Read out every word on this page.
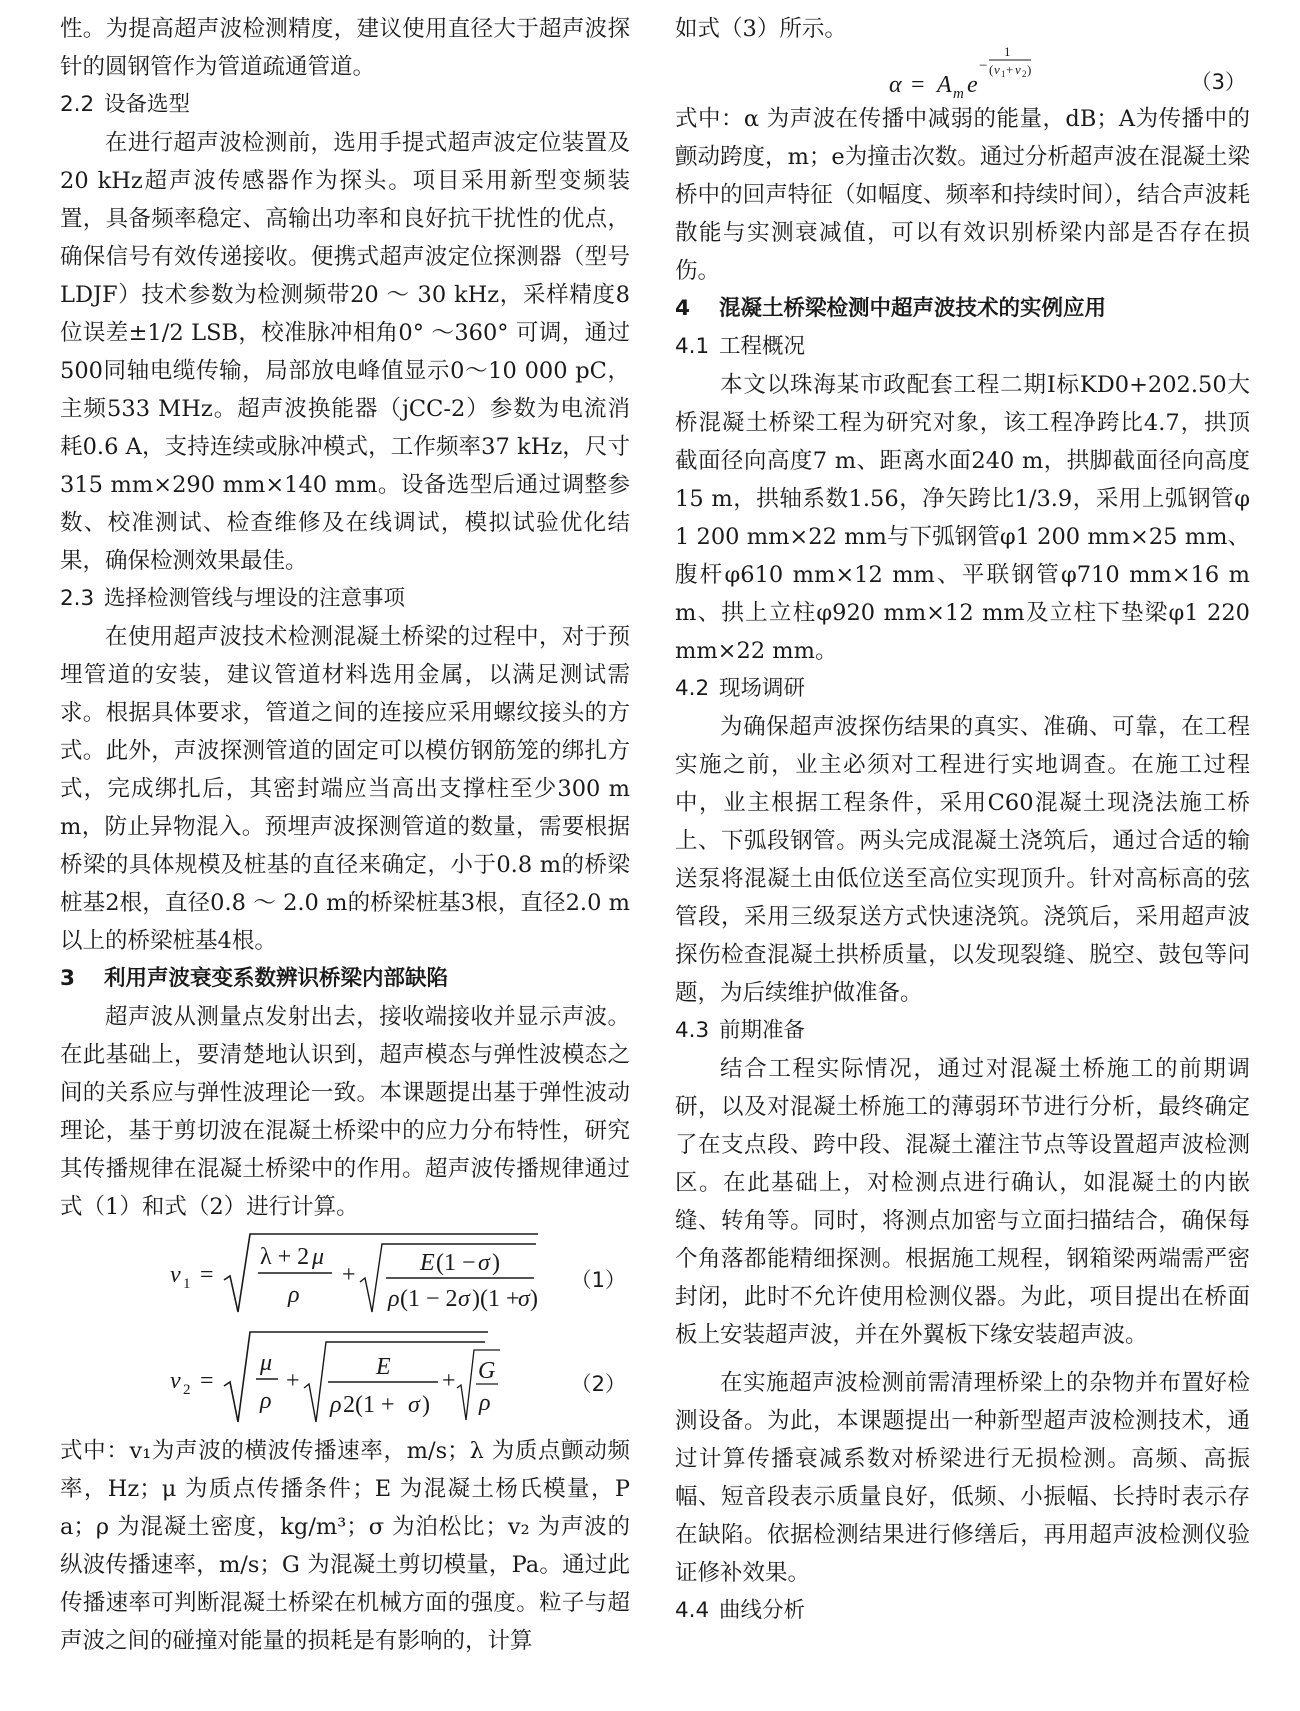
性。为提高超声波检测精度，建议使用直径大于超声波探针的圆钢管作为管道疏通管道。

2.2 设备选型

在进行超声波检测前，选用手提式超声波定位装置及20 kHz超声波传感器作为探头。项目采用新型变频装置，具备频率稳定、高输出功率和良好抗干扰性的优点，确保信号有效传递接收。便携式超声波定位探测器（型号LDJF）技术参数为检测频带20 ～ 30 kHz，采样精度8位误差±1/2 LSB，校准脉冲相角0° ～360° 可调，通过500同轴电缆传输，局部放电峰值显示0～10 000 pC，主频533 MHz。超声波换能器（jCC-2）参数为电流消耗0.6 A，支持连续或脉冲模式，工作频率37 kHz，尺寸315 mm×290 mm×140 mm。设备选型后通过调整参数、校准测试、检查维修及在线调试，模拟试验优化结果，确保检测效果最佳。

2.3 选择检测管线与埋设的注意事项

在使用超声波技术检测混凝土桥梁的过程中，对于预埋管道的安装，建议管道材料选用金属，以满足测试需求。根据具体要求，管道之间的连接应采用螺纹接头的方式。此外，声波探测管道的固定可以模仿钢筋笼的绑扎方式，完成绑扎后，其密封端应当高出支撑柱至少300 mm，防止异物混入。预埋声波探测管道的数量，需要根据桥梁的具体规模及桩基的直径来确定，小于0.8 m的桥梁桩基2根，直径0.8 ～ 2.0 m的桥梁桩基3根，直径2.0 m以上的桥梁桩基4根。

3 利用声波衰变系数辨识桥梁内部缺陷

超声波从测量点发射出去，接收端接收并显示声波。在此基础上，要清楚地认识到，超声模态与弹性波模态之间的关系应与弹性波理论一致。本课题提出基于弹性波动理论，基于剪切波在混凝土桥梁中的应力分布特性，研究其传播规律在混凝土桥梁中的作用。超声波传播规律通过式（1）和式（2）进行计算。

v 1 =
λ + 2 μ
ρ
+	E (1 − σ )
ρ (1 − 2 σ )(1 +
σ )
（1）
v 2 =
μ
ρ
+
E
ρ 2(1 + σ )
+ G
ρ
（2）

式中：v₁为声波的横波传播速率，m/s；λ 为质点颤动频率，Hz；μ 为质点传播条件；E 为混凝土杨氏模量，Pa；ρ 为混凝土密度，kg/m³；σ 为泊松比；v₂ 为声波的纵波传播速率，m/s；G 为混凝土剪切模量，Pa。通过此传播速率可判断混凝土桥梁在机械方面的强度。粒子与超声波之间的碰撞对能量的损耗是有影响的，计算

如式（3）所示。

α = A m e
−
1
( v 1 + v 2 )
（3）

式中：α 为声波在传播中减弱的能量，dB；A为传播中的颤动跨度，m；e为撞击次数。通过分析超声波在混凝土梁桥中的回声特征（如幅度、频率和持续时间），结合声波耗散能与实测衰减值，可以有效识别桥梁内部是否存在损伤。

4 混凝土桥梁检测中超声波技术的实例应用
4.1 工程概况

本文以珠海某市政配套工程二期Ⅰ标KD0+202.50大桥混凝土桥梁工程为研究对象，该工程净跨比4.7，拱顶截面径向高度7 m、距离水面240 m，拱脚截面径向高度15 m，拱轴系数1.56，净矢跨比1/3.9，采用上弧钢管φ1 200 mm×22 mm与下弧钢管φ1 200 mm×25 mm、腹杆φ610 mm×12 mm、平联钢管φ710 mm×16 mm、拱上立柱φ920 mm×12 mm及立柱下垫梁φ1 220 mm×22 mm。

4.2 现场调研

为确保超声波探伤结果的真实、准确、可靠，在工程实施之前，业主必须对工程进行实地调查。在施工过程中，业主根据工程条件，采用C60混凝土现浇法施工桥上、下弧段钢管。两头完成混凝土浇筑后，通过合适的输送泵将混凝土由低位送至高位实现顶升。针对高标高的弦管段，采用三级泵送方式快速浇筑。浇筑后，采用超声波探伤检查混凝土拱桥质量，以发现裂缝、脱空、鼓包等问题，为后续维护做准备。

4.3 前期准备

结合工程实际情况，通过对混凝土桥施工的前期调研，以及对混凝土桥施工的薄弱环节进行分析，最终确定了在支点段、跨中段、混凝土灌注节点等设置超声波检测区。在此基础上，对检测点进行确认，如混凝土的内嵌缝、转角等。同时，将测点加密与立面扫描结合，确保每个角落都能精细探测。根据施工规程，钢箱梁两端需严密封闭，此时不允许使用检测仪器。为此，项目提出在桥面板上安装超声波，并在外翼板下缘安装超声波。

在实施超声波检测前需清理桥梁上的杂物并布置好检测设备。为此，本课题提出一种新型超声波检测技术，通过计算传播衰减系数对桥梁进行无损检测。高频、高振幅、短音段表示质量良好，低频、小振幅、长持时表示存在缺陷。依据检测结果进行修缮后，再用超声波检测仪验证修补效果。

4.4 曲线分析
